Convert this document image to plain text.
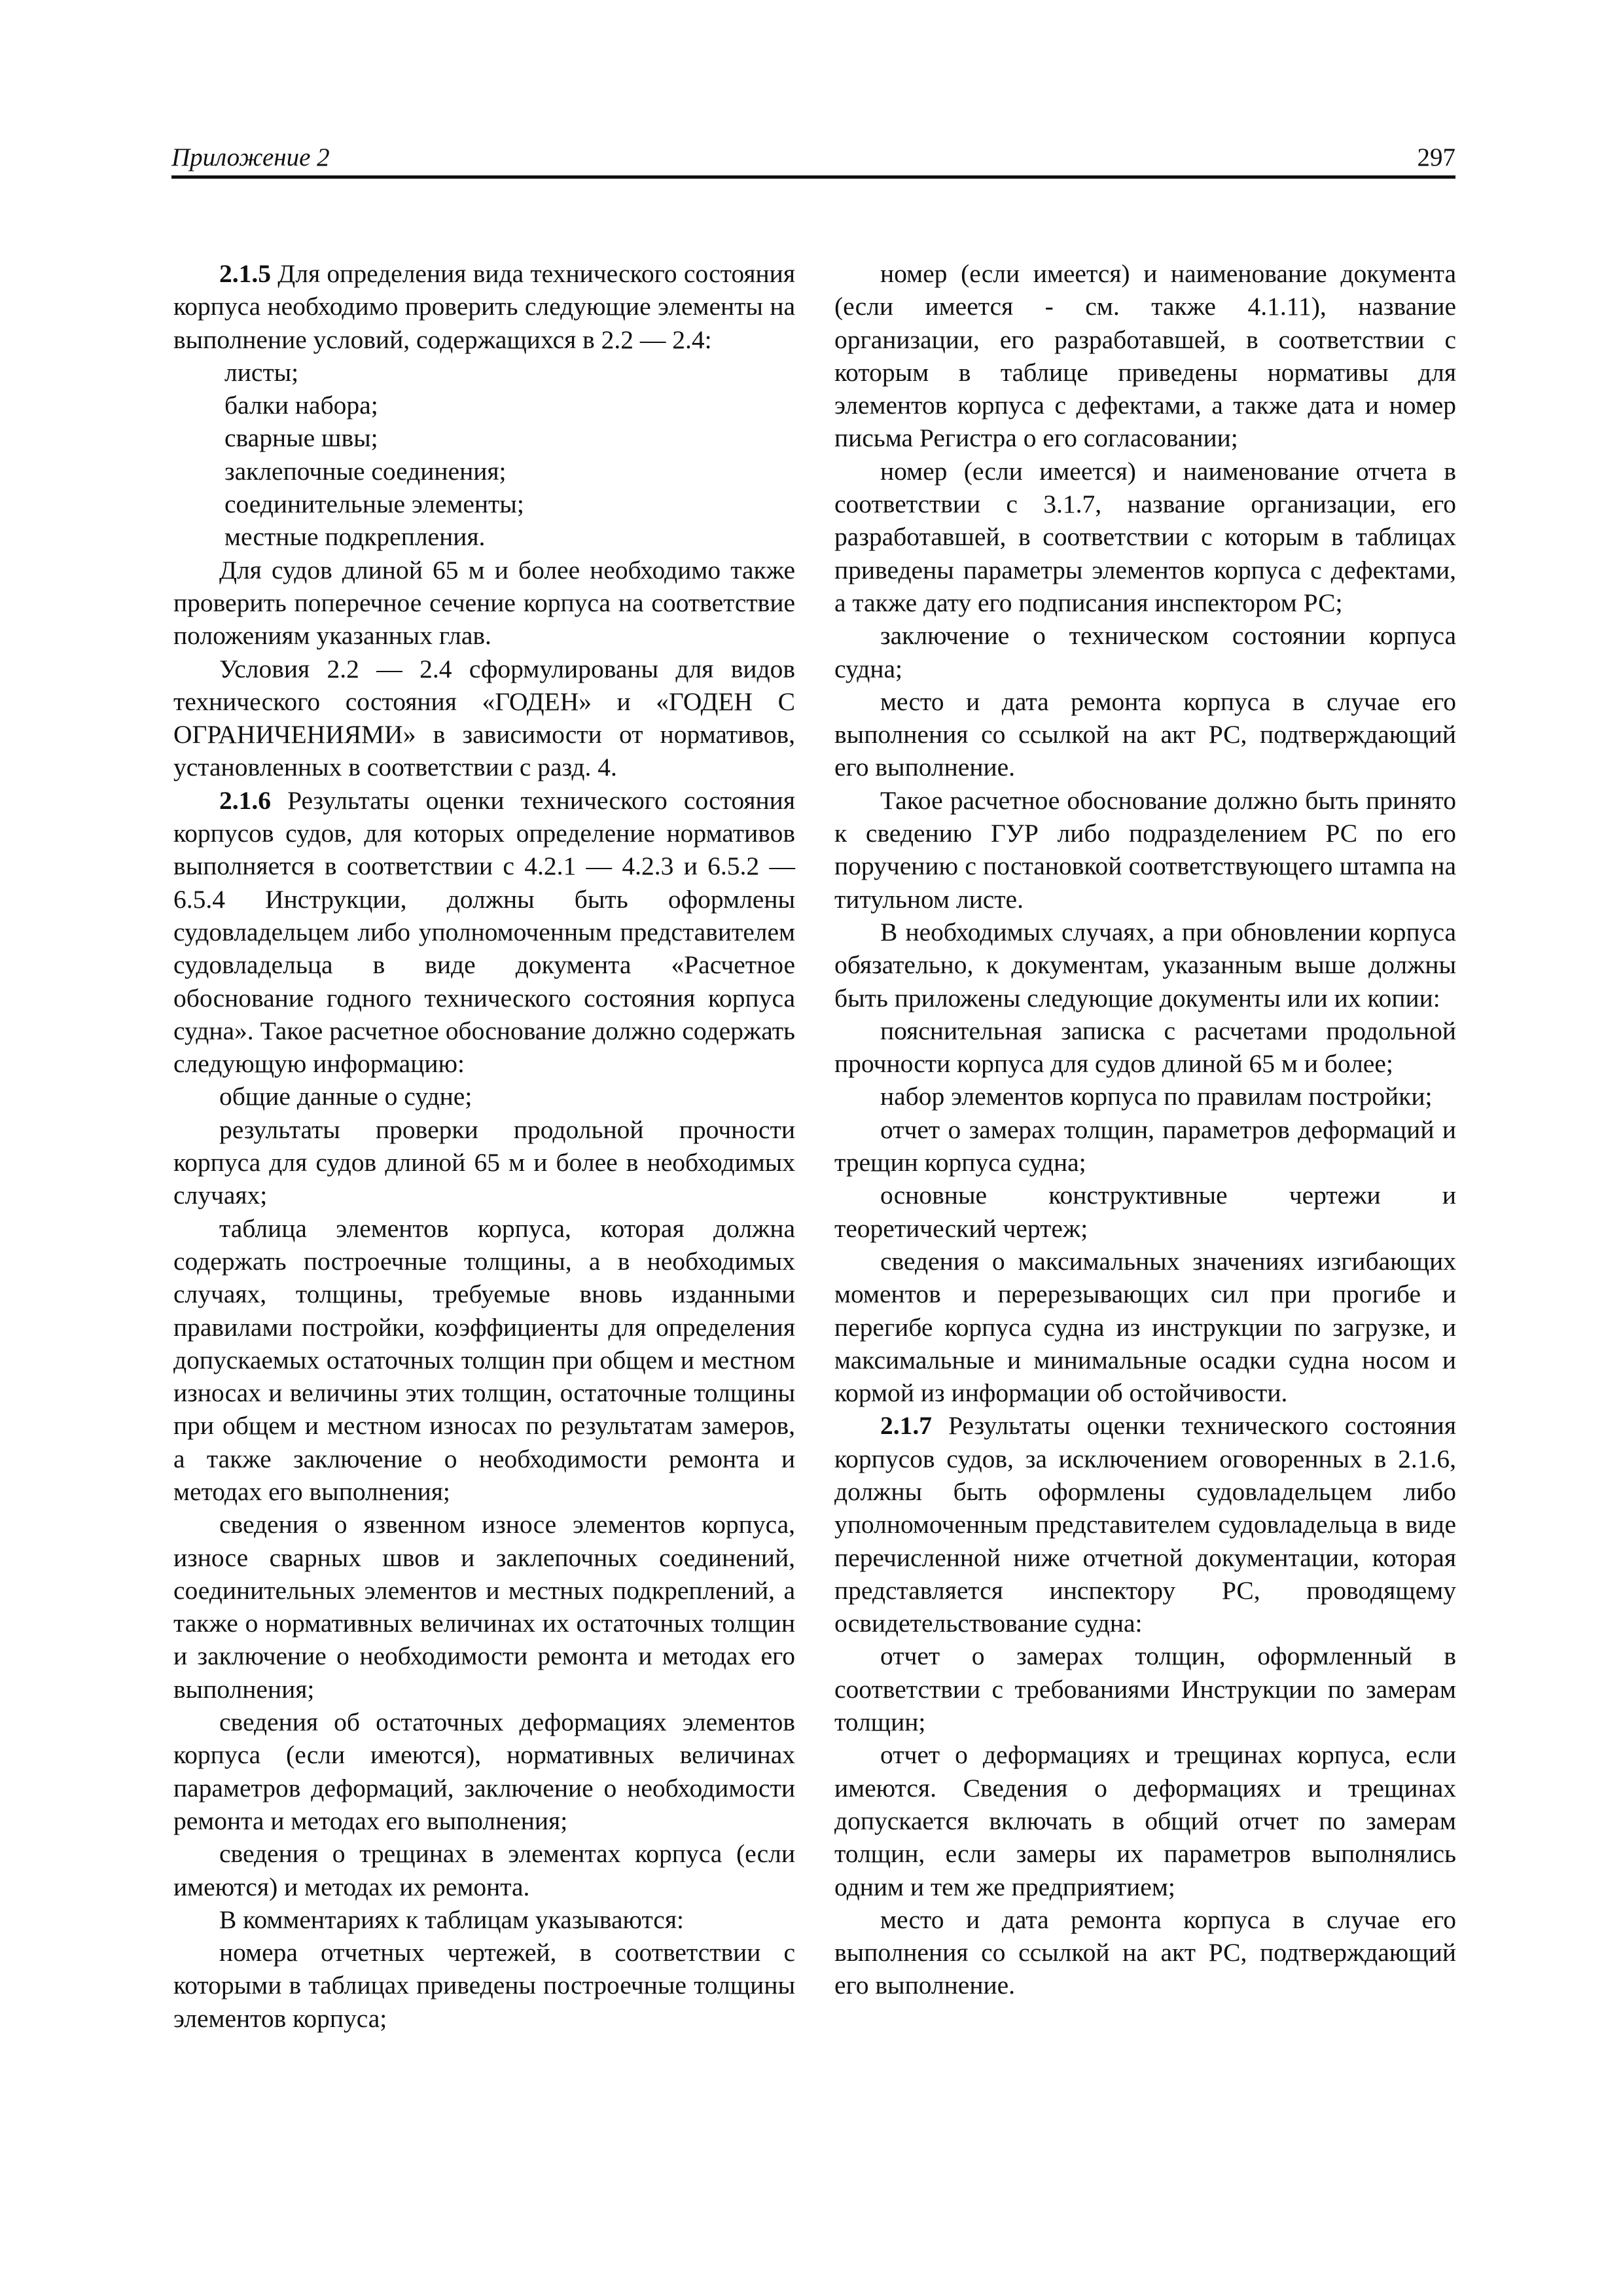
Приложение 2	297

2.1.5 Для определения вида технического состояния корпуса необходимо проверить следующие элементы на выполнение условий, содержащихся в 2.2 — 2.4:

листы;

балки набора;

сварные швы;

заклепочные соединения;

соединительные элементы;

местные подкрепления.

Для судов длиной 65 м и более необходимо также проверить поперечное сечение корпуса на соответствие положениям указанных глав.

Условия 2.2 — 2.4 сформулированы для видов технического состояния «ГОДЕН» и «ГОДЕН С ОГРАНИЧЕНИЯМИ» в зависимости от нормативов, установленных в соответствии с разд. 4.

2.1.6 Результаты оценки технического состояния корпусов судов, для которых определение нормативов выполняется в соответствии с 4.2.1 — 4.2.3 и 6.5.2 — 6.5.4 Инструкции, должны быть оформлены судовладельцем либо уполномоченным представителем судовладельца в виде документа «Расчетное обоснование годного технического состояния корпуса судна». Такое расчетное обоснование должно содержать следующую информацию:

общие данные о судне;

результаты проверки продольной прочности корпуса для судов длиной 65 м и более в необходимых случаях;

таблица элементов корпуса, которая должна содержать построечные толщины, а в необходимых случаях, толщины, требуемые вновь изданными правилами постройки, коэффициенты для определения допускаемых остаточных толщин при общем и местном износах и величины этих толщин, остаточные толщины при общем и местном износах по результатам замеров, а также заключение о необходимости ремонта и методах его выполнения;

сведения о язвенном износе элементов корпуса, износе сварных швов и заклепочных соединений, соединительных элементов и местных подкреплений, а также о нормативных величинах их остаточных толщин и заключение о необходимости ремонта и методах его выполнения;

сведения об остаточных деформациях элементов корпуса (если имеются), нормативных величинах параметров деформаций, заключение о необходимости ремонта и методах его выполнения;

сведения о трещинах в элементах корпуса (если имеются) и методах их ремонта.

В комментариях к таблицам указываются:

номера отчетных чертежей, в соответствии с которыми в таблицах приведены построечные толщины элементов корпуса;

номер (если имеется) и наименование документа (если имеется - см. также 4.1.11), название организации, его разработавшей, в соответствии с которым в таблице приведены нормативы для элементов корпуса с дефектами, а также дата и номер письма Регистра о его согласовании;

номер (если имеется) и наименование отчета в соответствии с 3.1.7, название организации, его разработавшей, в соответствии с которым в таблицах приведены параметры элементов корпуса с дефектами, а также дату его подписания инспектором РС;

заключение о техническом состоянии корпуса судна;

место и дата ремонта корпуса в случае его выполнения со ссылкой на акт РС, подтверждающий его выполнение.

Такое расчетное обоснование должно быть принято к сведению ГУР либо подразделением РС по его поручению с постановкой соответствующего штампа на титульном листе.

В необходимых случаях, а при обновлении корпуса обязательно, к документам, указанным выше должны быть приложены следующие документы или их копии:

пояснительная записка с расчетами продольной прочности корпуса для судов длиной 65 м и более;

набор элементов корпуса по правилам постройки;

отчет о замерах толщин, параметров деформаций и трещин корпуса судна;

основные конструктивные чертежи и теоретический чертеж;

сведения о максимальных значениях изгибающих моментов и перерезывающих сил при прогибе и перегибе корпуса судна из инструкции по загрузке, и максимальные и минимальные осадки судна носом и кормой из информации об остойчивости.

2.1.7 Результаты оценки технического состояния корпусов судов, за исключением оговоренных в 2.1.6, должны быть оформлены судовладельцем либо уполномоченным представителем судовладельца в виде перечисленной ниже отчетной документации, которая представляется инспектору РС, проводящему освидетельствование судна:

отчет о замерах толщин, оформленный в соответствии с требованиями Инструкции по замерам толщин;

отчет о деформациях и трещинах корпуса, если имеются. Сведения о деформациях и трещинах допускается включать в общий отчет по замерам толщин, если замеры их параметров выполнялись одним и тем же предприятием;

место и дата ремонта корпуса в случае его выполнения со ссылкой на акт РС, подтверждающий его выполнение.
